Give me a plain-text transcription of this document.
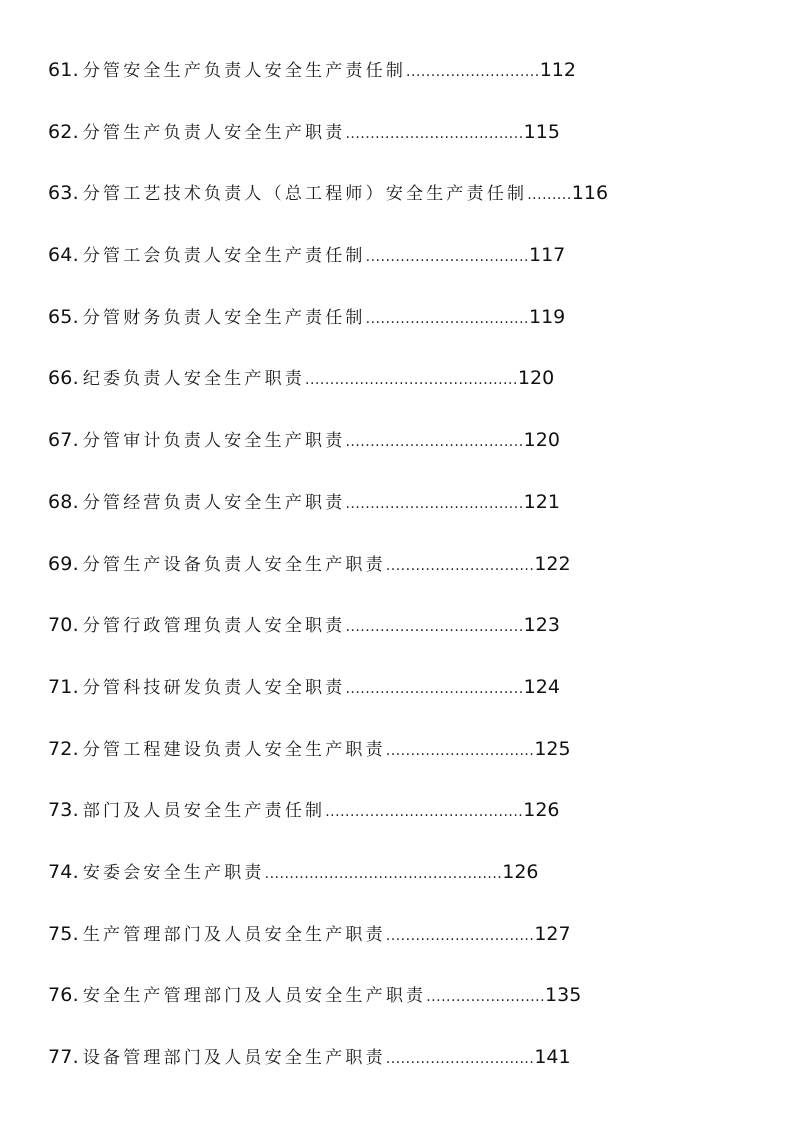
61. 分管安全生产负责人安全生产责任制 ........................... 112
62. 分管生产负责人安全生产职责 .................................... 115
63. 分管工艺技术负责人（总工程师）安全生产责任制 ......... 116
64. 分管工会负责人安全生产责任制 ................................. 117
65. 分管财务负责人安全生产责任制 ................................. 119
66. 纪委负责人安全生产职责 ........................................... 120
67. 分管审计负责人安全生产职责 .................................... 120
68. 分管经营负责人安全生产职责 .................................... 121
69. 分管生产设备负责人安全生产职责 .............................. 122
70. 分管行政管理负责人安全职责 .................................... 123
71. 分管科技研发负责人安全职责 .................................... 124
72. 分管工程建设负责人安全生产职责 .............................. 125
73. 部门及人员安全生产责任制 ........................................ 126
74. 安委会安全生产职责 ................................................ 126
75. 生产管理部门及人员安全生产职责 .............................. 127
76. 安全生产管理部门及人员安全生产职责 ........................ 135
77. 设备管理部门及人员安全生产职责 .............................. 141
